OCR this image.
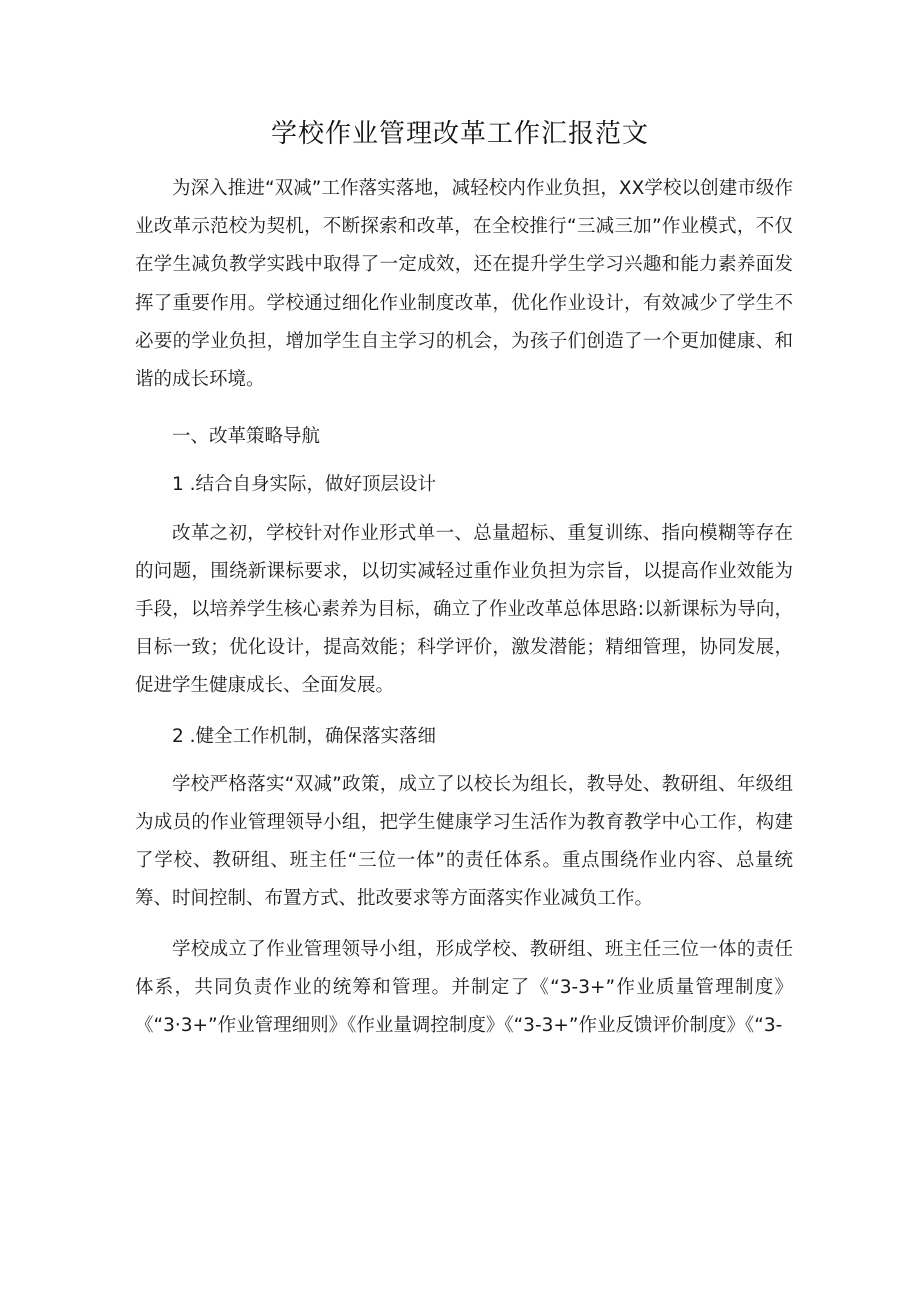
学校作业管理改革工作汇报范文

为深入推进“双减”工作落实落地，减轻校内作业负担，XX学校以创建市级作业改革示范校为契机，不断探索和改革，在全校推行“三减三加”作业模式，不仅在学生减负教学实践中取得了一定成效，还在提升学生学习兴趣和能力素养面发挥了重要作用。学校通过细化作业制度改革，优化作业设计，有效减少了学生不必要的学业负担，增加学生自主学习的机会，为孩子们创造了一个更加健康、和谐的成长环境。

一、改革策略导航

1 .结合自身实际，做好顶层设计

改革之初，学校针对作业形式单一、总量超标、重复训练、指向模糊等存在的问题，围绕新课标要求，以切实减轻过重作业负担为宗旨，以提高作业效能为手段，以培养学生核心素养为目标，确立了作业改革总体思路:以新课标为导向，目标一致；优化设计，提高效能；科学评价，激发潜能；精细管理，协同发展，促进学生健康成长、全面发展。

2 .健全工作机制，确保落实落细

学校严格落实“双减”政策，成立了以校长为组长，教导处、教研组、年级组为成员的作业管理领导小组，把学生健康学习生活作为教育教学中心工作，构建了学校、教研组、班主任“三位一体”的责任体系。重点围绕作业内容、总量统筹、时间控制、布置方式、批改要求等方面落实作业减负工作。

学校成立了作业管理领导小组，形成学校、教研组、班主任三位一体的责任体系，共同负责作业的统筹和管理。并制定了《“3-3+”作业质量管理制度》《“3·3+”作业管理细则》《作业量调控制度》《“3-3+”作业反馈评价制度》《“3-
